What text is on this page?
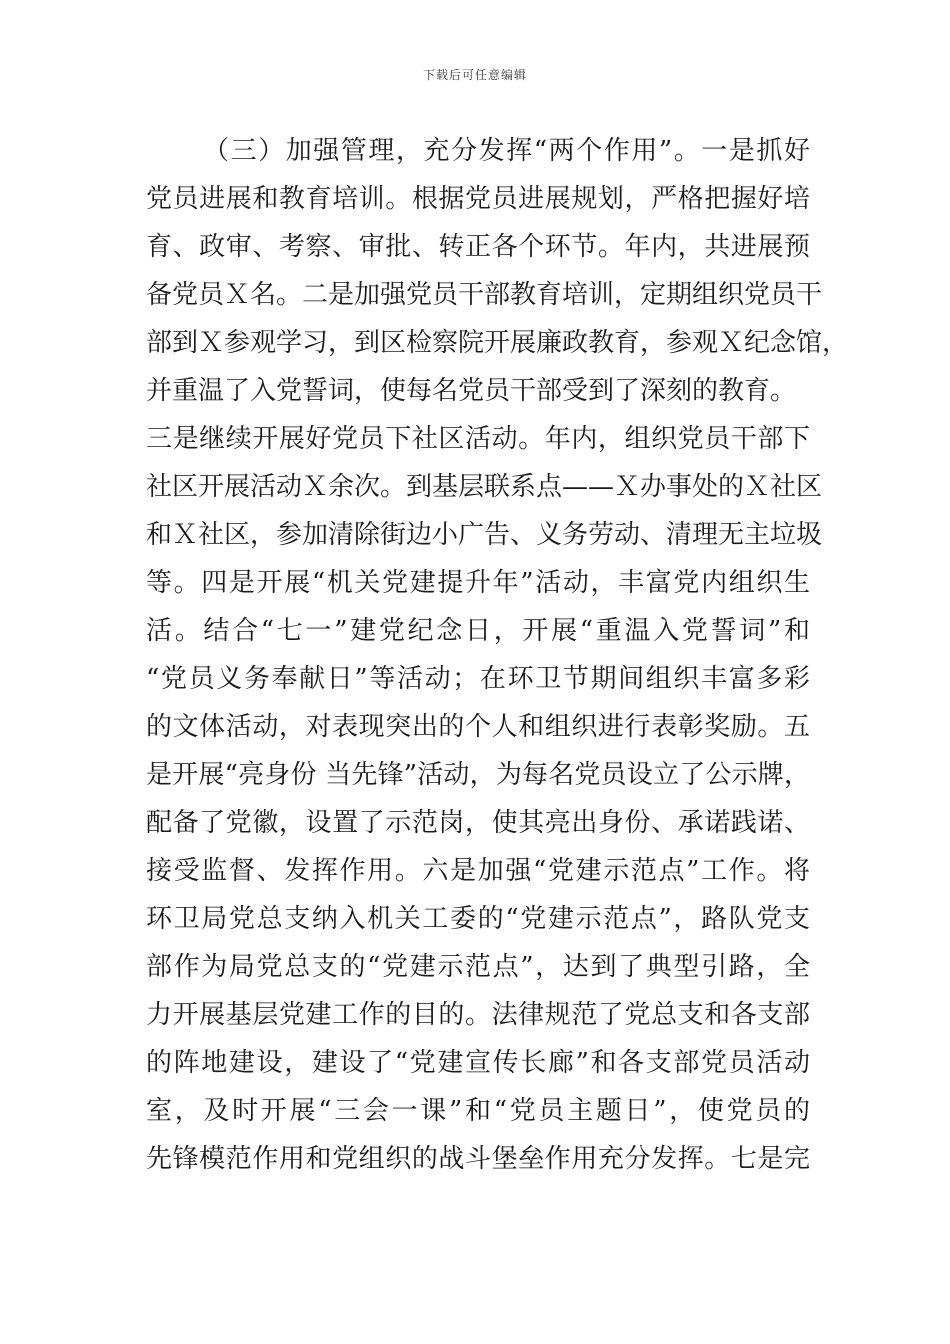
下载后可任意编辑
（三）加强管理，充分发挥“两个作用”。一是抓好
党员进展和教育培训。根据党员进展规划，严格把握好培
育、政审、考察、审批、转正各个环节。年内，共进展预
备党员Ｘ名。二是加强党员干部教育培训，定期组织党员干
部到Ｘ参观学习，到区检察院开展廉政教育，参观Ｘ纪念馆，
并重温了入党誓词，使每名党员干部受到了深刻的教育。
三是继续开展好党员下社区活动。年内，组织党员干部下
社区开展活动Ｘ余次。到基层联系点——Ｘ办事处的Ｘ社区
和Ｘ社区，参加清除街边小广告、义务劳动、清理无主垃圾
等。四是开展“机关党建提升年”活动，丰富党内组织生
活。结合“七一”建党纪念日，开展“重温入党誓词”和
“党员义务奉献日”等活动；在环卫节期间组织丰富多彩
的文体活动，对表现突出的个人和组织进行表彰奖励。五
是开展“亮身份 当先锋”活动，为每名党员设立了公示牌，
配备了党徽，设置了示范岗，使其亮出身份、承诺践诺、
接受监督、发挥作用。六是加强“党建示范点”工作。将
环卫局党总支纳入机关工委的“党建示范点”，路队党支
部作为局党总支的“党建示范点”，达到了典型引路，全
力开展基层党建工作的目的。法律规范了党总支和各支部
的阵地建设，建设了“党建宣传长廊”和各支部党员活动
室，及时开展“三会一课”和“党员主题日”，使党员的
先锋模范作用和党组织的战斗堡垒作用充分发挥。七是完
